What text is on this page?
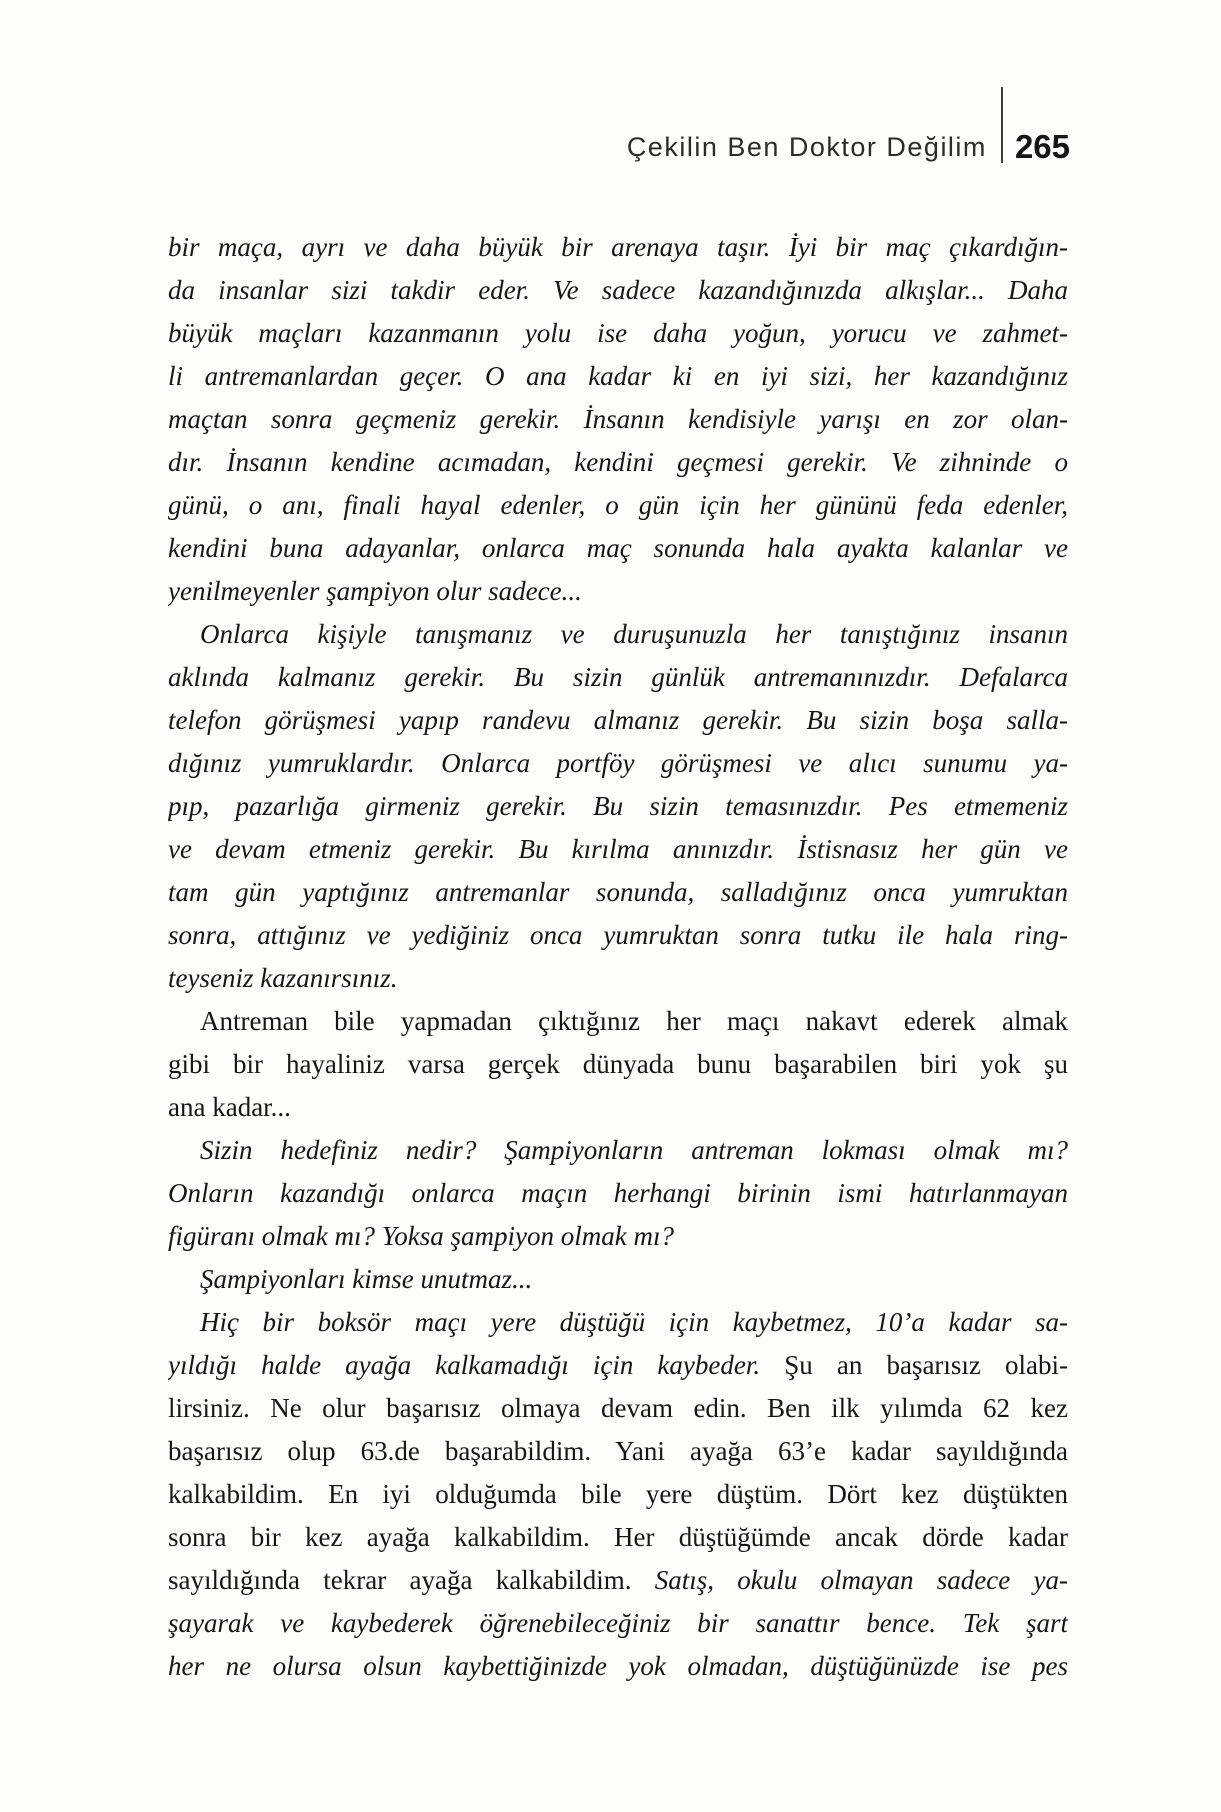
Çekilin Ben Doktor Değilim 265
bir maça, ayrı ve daha büyük bir arenaya taşır. İyi bir maç çıkardığın-
da insanlar sizi takdir eder. Ve sadece kazandığınızda alkışlar... Daha
büyük maçları kazanmanın yolu ise daha yoğun, yorucu ve zahmet-
li antremanlardan geçer. O ana kadar ki en iyi sizi, her kazandığınız
maçtan sonra geçmeniz gerekir. İnsanın kendisiyle yarışı en zor olan-
dır. İnsanın kendine acımadan, kendini geçmesi gerekir. Ve zihninde o
günü, o anı, finali hayal edenler, o gün için her gününü feda edenler,
kendini buna adayanlar, onlarca maç sonunda hala ayakta kalanlar ve
yenilmeyenler şampiyon olur sadece...
Onlarca kişiyle tanışmanız ve duruşunuzla her tanıştığınız insanın
aklında kalmanız gerekir. Bu sizin günlük antremanınızdır. Defalarca
telefon görüşmesi yapıp randevu almanız gerekir. Bu sizin boşa salla-
dığınız yumruklardır. Onlarca portföy görüşmesi ve alıcı sunumu ya-
pıp, pazarlığa girmeniz gerekir. Bu sizin temasınızdır. Pes etmemeniz
ve devam etmeniz gerekir. Bu kırılma anınızdır. İstisnasız her gün ve
tam gün yaptığınız antremanlar sonunda, salladığınız onca yumruktan
sonra, attığınız ve yediğiniz onca yumruktan sonra tutku ile hala ring-
teyseniz kazanırsınız.
Antreman bile yapmadan çıktığınız her maçı nakavt ederek almak
gibi bir hayaliniz varsa gerçek dünyada bunu başarabilen biri yok şu
ana kadar...
Sizin hedefiniz nedir? Şampiyonların antreman lokması olmak mı?
Onların kazandığı onlarca maçın herhangi birinin ismi hatırlanmayan
figüranı olmak mı? Yoksa şampiyon olmak mı?
Şampiyonları kimse unutmaz...
Hiç bir boksör maçı yere düştüğü için kaybetmez, 10’a kadar sa-
yıldığı halde ayağa kalkamadığı için kaybeder. Şu an başarısız olabi-
lirsiniz. Ne olur başarısız olmaya devam edin. Ben ilk yılımda 62 kez
başarısız olup 63.de başarabildim. Yani ayağa 63’e kadar sayıldığında
kalkabildim. En iyi olduğumda bile yere düştüm. Dört kez düştükten
sonra bir kez ayağa kalkabildim. Her düştüğümde ancak dörde kadar
sayıldığında tekrar ayağa kalkabildim. Satış, okulu olmayan sadece ya-
şayarak ve kaybederek öğrenebileceğiniz bir sanattır bence. Tek şart
her ne olursa olsun kaybettiğinizde yok olmadan, düştüğünüzde ise pes
